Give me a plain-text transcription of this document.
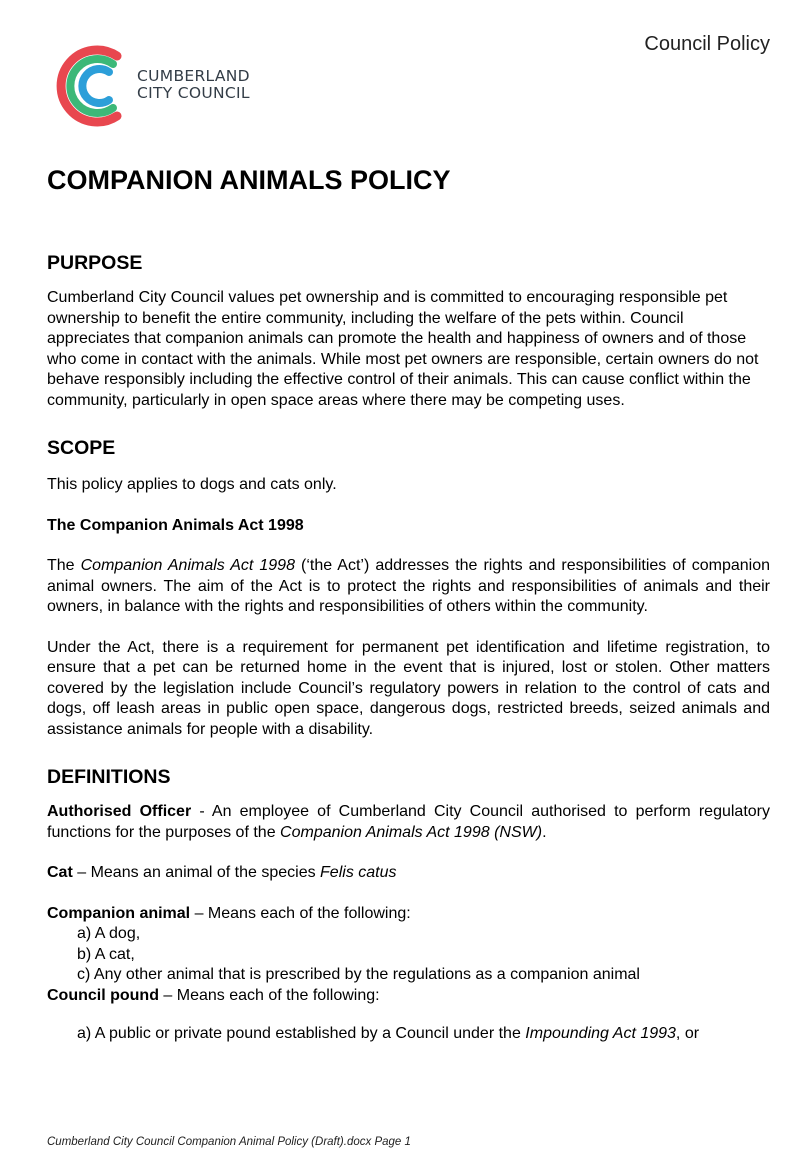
CUMBERLAND
CITY COUNCIL
Council Policy
COMPANION ANIMALS POLICY
PURPOSE

Cumberland City Council values pet ownership and is committed to encouraging responsible pet ownership to benefit the entire community, including the welfare of the pets within. Council appreciates that companion animals can promote the health and happiness of owners and of those who come in contact with the animals. While most pet owners are responsible, certain owners do not behave responsibly including the effective control of their animals. This can cause conflict within the community, particularly in open space areas where there may be competing uses.

SCOPE

This policy applies to dogs and cats only.

The Companion Animals Act 1998

The Companion Animals Act 1998 (‘the Act’) addresses the rights and responsibilities of companion animal owners. The aim of the Act is to protect the rights and responsibilities of animals and their owners, in balance with the rights and responsibilities of others within the community.

Under the Act, there is a requirement for permanent pet identification and lifetime registration, to ensure that a pet can be returned home in the event that is injured, lost or stolen. Other matters covered by the legislation include Council’s regulatory powers in relation to the control of cats and dogs, off leash areas in public open space, dangerous dogs, restricted breeds, seized animals and assistance animals for people with a disability.

DEFINITIONS

Authorised Officer - An employee of Cumberland City Council authorised to perform regulatory functions for the purposes of the Companion Animals Act 1998 (NSW).

Cat – Means an animal of the species Felis catus

Companion animal – Means each of the following:

a) A dog,
b) A cat,
c) Any other animal that is prescribed by the regulations as a companion animal

Council pound – Means each of the following:

a) A public or private pound established by a Council under the Impounding Act 1993, or
Cumberland City Council Companion Animal Policy (Draft).docx Page 1
